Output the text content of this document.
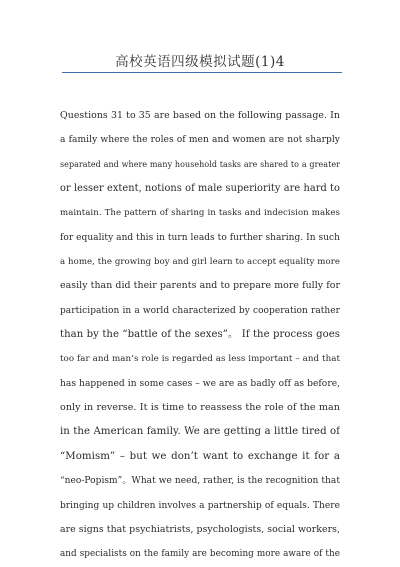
高校英语四级模拟试题(1)4
Questions 31 to 35 are based on the following passage. In
a family where the roles of men and women are not sharply
separated and where many household tasks are shared to a greater
or lesser extent, notions of male superiority are hard to
maintain. The pattern of sharing in tasks and indecision makes
for equality and this in turn leads to further sharing. In such
a home, the growing boy and girl learn to accept equality more
easily than did their parents and to prepare more fully for
participation in a world characterized by cooperation rather
than by the “battle of the sexes”。 If the process goes
too far and man’s role is regarded as less important – and that
has happened in some cases – we are as badly off as before,
only in reverse. It is time to reassess the role of the man
in the American family. We are getting a little tired of
“Momism” – but we don’t want to exchange it for a
“neo-Popism”。What we need, rather, is the recognition that
bringing up children involves a partnership of equals. There
are signs that psychiatrists, psychologists, social workers,
and specialists on the family are becoming more aware of the
